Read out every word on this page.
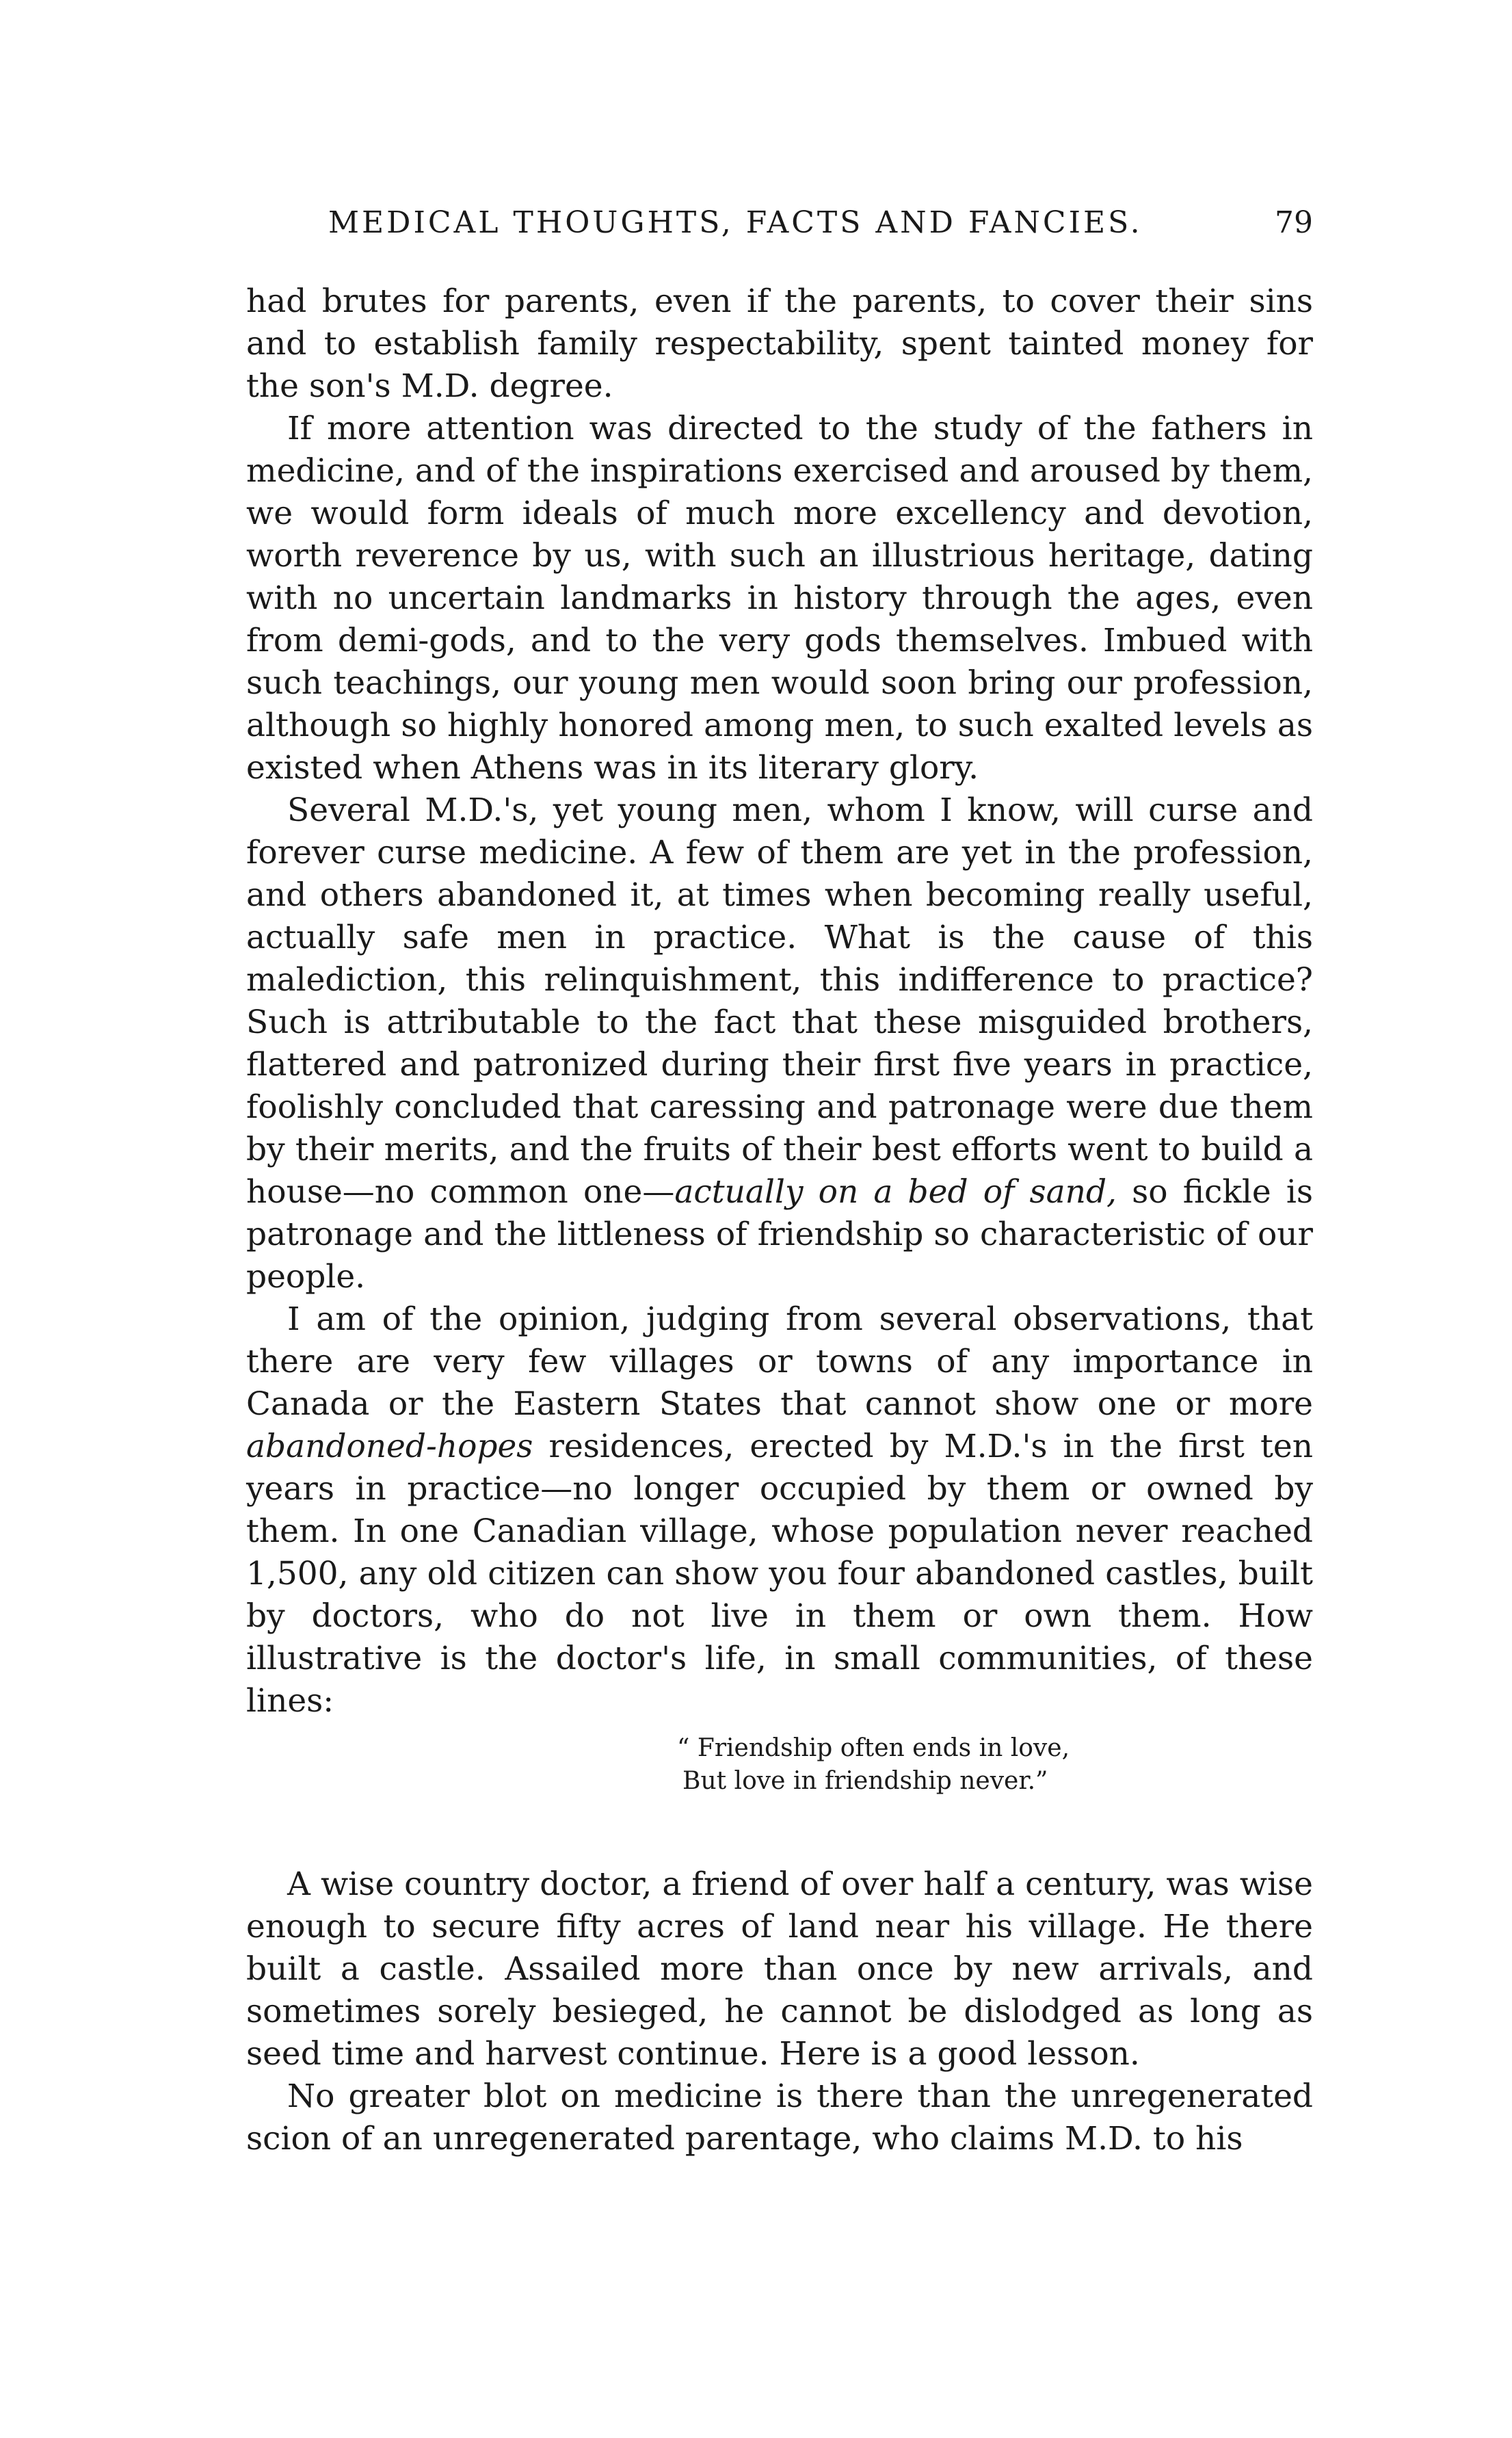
MEDICAL THOUGHTS, FACTS AND FANCIES.	79

had brutes for parents, even if the parents, to cover their sins and to establish family respectability, spent tainted money for the son's M.D. degree.

If more attention was directed to the study of the fathers in medicine, and of the inspirations exercised and aroused by them, we would form ideals of much more excellency and devotion, worth reverence by us, with such an illustrious heritage, dating with no uncertain landmarks in history through the ages, even from demi-gods, and to the very gods themselves. Imbued with such teachings, our young men would soon bring our profession, although so highly honored among men, to such exalted levels as existed when Athens was in its literary glory.

Several M.D.'s, yet young men, whom I know, will curse and forever curse medicine. A few of them are yet in the profession, and others abandoned it, at times when becoming really useful, actually safe men in practice. What is the cause of this malediction, this relinquishment, this indifference to practice? Such is attributable to the fact that these misguided brothers, flattered and patronized during their first five years in practice, foolishly concluded that caressing and patronage were due them by their merits, and the fruits of their best efforts went to build a house—no common one—actually on a bed of sand, so fickle is patronage and the littleness of friendship so characteristic of our people.

I am of the opinion, judging from several observations, that there are very few villages or towns of any importance in Canada or the Eastern States that cannot show one or more abandoned-hopes residences, erected by M.D.'s in the first ten years in practice—no longer occupied by them or owned by them. In one Canadian village, whose population never reached 1,500, any old citizen can show you four abandoned castles, built by doctors, who do not live in them or own them. How illustrative is the doctor's life, in small communities, of these lines:

“ Friendship often ends in love,
But love in friendship never.”

A wise country doctor, a friend of over half a century, was wise enough to secure fifty acres of land near his village. He there built a castle. Assailed more than once by new arrivals, and sometimes sorely besieged, he cannot be dislodged as long as seed time and harvest continue. Here is a good lesson.

No greater blot on medicine is there than the unregenerated scion of an unregenerated parentage, who claims M.D. to his
